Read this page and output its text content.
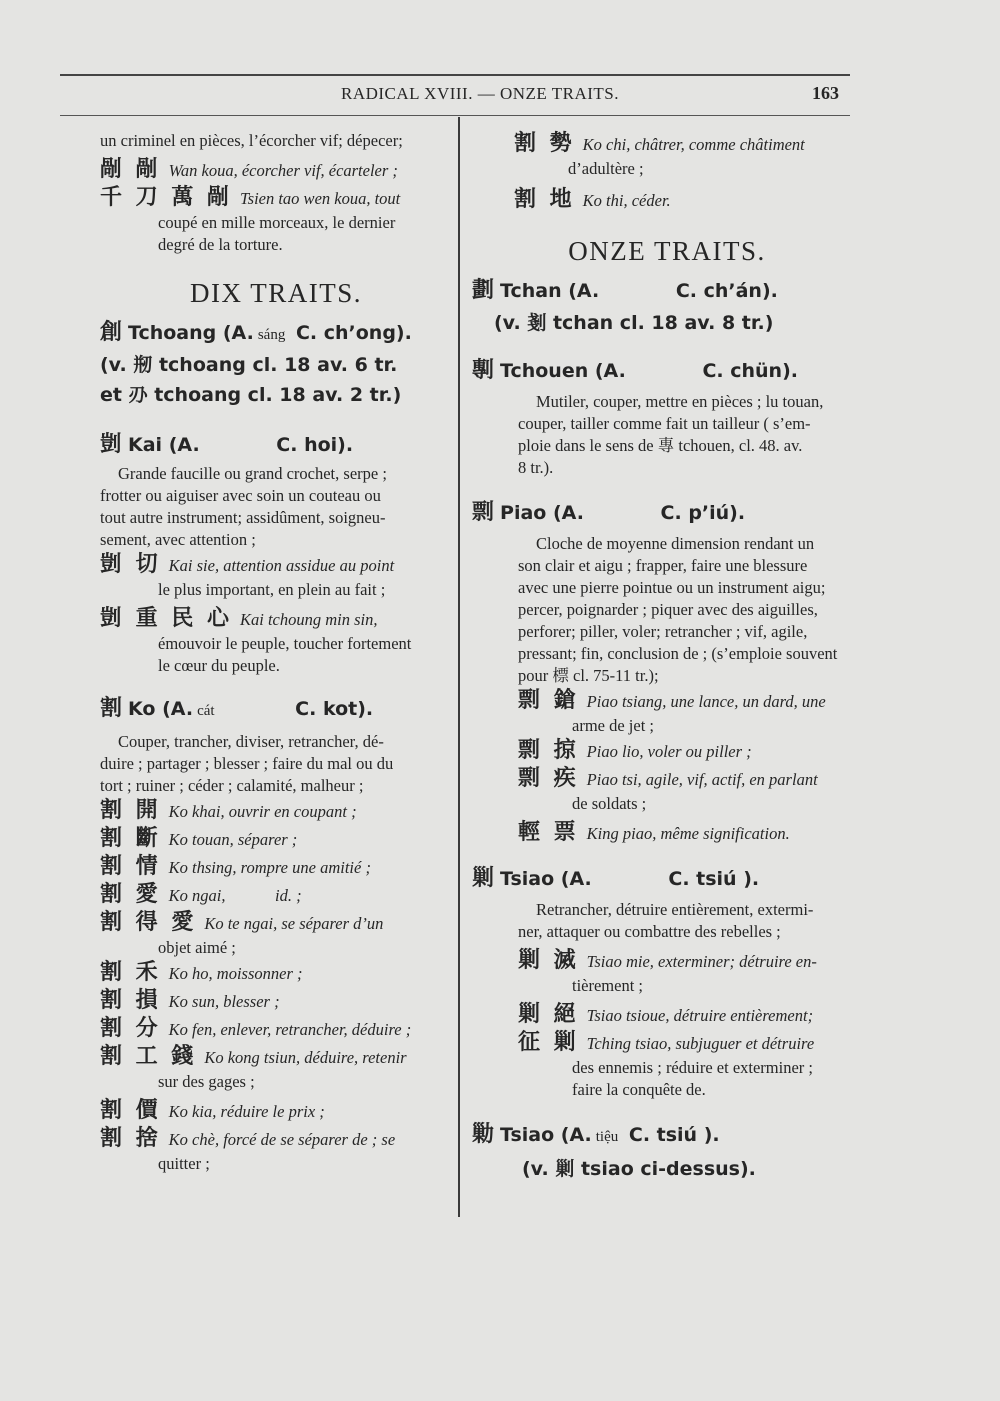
RADICAL XVIII. — ONZE TRAITS.	163
un criminel en pièces, l’écorcher vif; dépecer;
剮 剮 Wan koua, écorcher vif, écarteler ;
千 刀 萬 剮 Tsien tao wen koua, tout
coupé en mille morceaux, le dernier
degré de la torture.
DIX TRAITS.
創 Tchoang (A. sáng C. ch’ong).
(v. 剏 tchoang cl. 18 av. 6 tr.
et 刅 tchoang cl. 18 av. 2 tr.)
剴 Kai (A.	C. hoi).
Grande faucille ou grand crochet, serpe ;
frotter ou aiguiser avec soin un couteau ou
tout autre instrument; assidûment, soigneu-
sement, avec attention ;
剴 切 Kai sie, attention assidue au point
le plus important, en plein au fait ;
剴 重 民 心 Kai tchoung min sin,
émouvoir le peuple, toucher fortement
le cœur du peuple.
割 Ko (A. cát	C. kot).
Couper, trancher, diviser, retrancher, dé-
duire ; partager ; blesser ; faire du mal ou du
tort ; ruiner ; céder ; calamité, malheur ;
割 開 Ko khai, ouvrir en coupant ;
割 斷 Ko touan, séparer ;
割 情 Ko thsing, rompre une amitié ;
割 愛 Ko ngai,            id. ;
割 得 愛 Ko te ngai, se séparer d’un
objet aimé ;
割 禾 Ko ho, moissonner ;
割 損 Ko sun, blesser ;
割 分 Ko fen, enlever, retrancher, déduire ;
割 工 錢 Ko kong tsiun, déduire, retenir
sur des gages ;
割 價 Ko kia, réduire le prix ;
割 捨 Ko chè, forcé de se séparer de ; se
quitter ;
割 勢 Ko chi, châtrer, comme châtiment
d’adultère ;
割 地 Ko thi, céder.
ONZE TRAITS.
劃 Tchan (A.	C. ch’án).
(v. 剗 tchan cl. 18 av. 8 tr.)
剸 Tchouen (A.	C. chün).
Mutiler, couper, mettre en pièces ; lu touan,
couper, tailler comme fait un tailleur ( s’em-
ploie dans le sens de 專 tchouen, cl. 48. av.
8 tr.).
剽 Piao (A.	C. p’iú).
Cloche de moyenne dimension rendant un
son clair et aigu ; frapper, faire une blessure
avec une pierre pointue ou un instrument aigu;
percer, poignarder ; piquer avec des aiguilles,
perforer; piller, voler; retrancher ; vif, agile,
pressant; fin, conclusion de ; (s’emploie souvent
pour 標 cl. 75-11 tr.);
剽 鎗 Piao tsiang, une lance, un dard, une
arme de jet ;
剽 掠 Piao lio, voler ou piller ;
剽 疾 Piao tsi, agile, vif, actif, en parlant
de soldats ;
輕 票 King piao, même signification.
剿 Tsiao (A.	C. tsiú ).
Retrancher, détruire entièrement, extermi-
ner, attaquer ou combattre des rebelles ;
剿 滅 Tsiao mie, exterminer; détruire en-
tièrement ;
剿 絕 Tsiao tsioue, détruire entièrement;
征 剿 Tching tsiao, subjuguer et détruire
des ennemis ; réduire et exterminer ;
faire la conquête de.
勦 Tsiao (A. tiệu C. tsiú ).
(v. 剿 tsiao ci-dessus).
